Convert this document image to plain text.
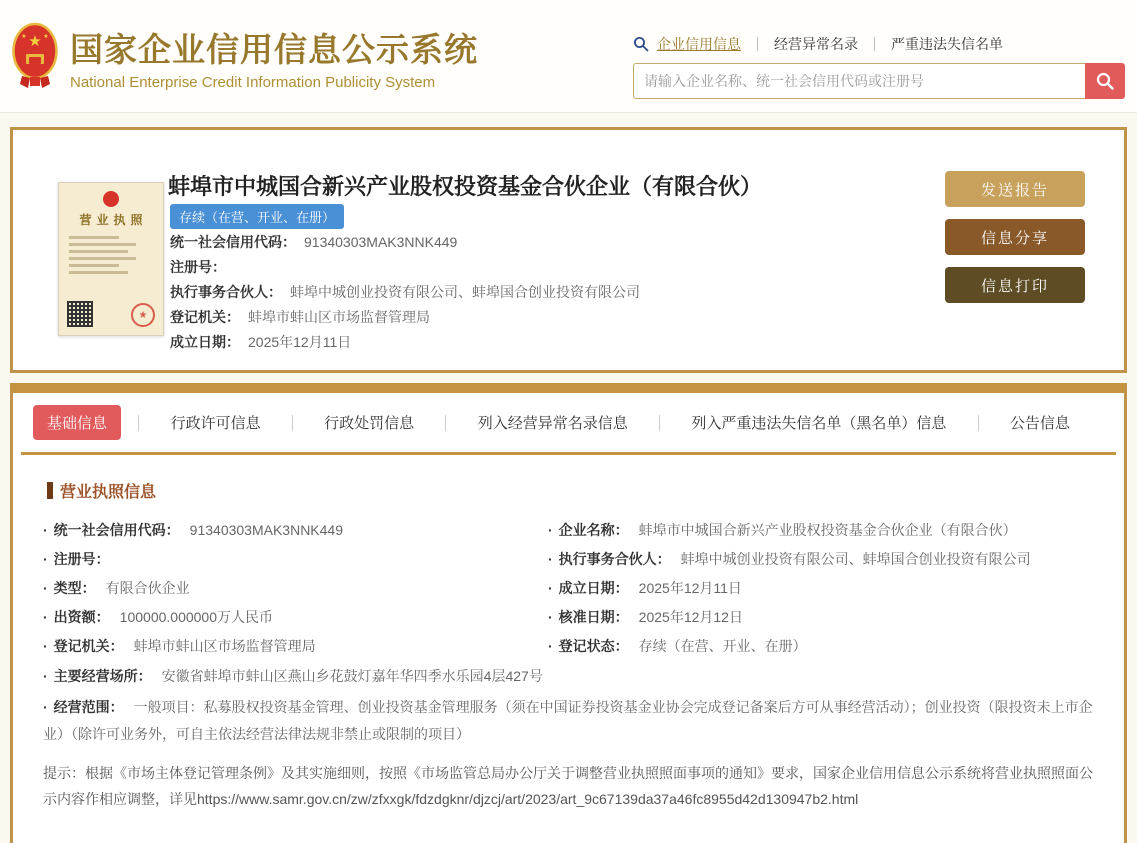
★
★	★ 国家企业信用信息公示系统
National Enterprise Credit Information Publicity System
企业信用信息 经营异常名录 严重违法失信名单
请输入企业名称、统一社会信用代码或注册号
营业执照
★
蚌埠市中城国合新兴产业股权投资基金合伙企业（有限合伙）
存续（在营、开业、在册）
统一社会信用代码： 91340303MAK3NNK449
注册号：
执行事务合伙人： 蚌埠中城创业投资有限公司、蚌埠国合创业投资有限公司
登记机关： 蚌埠市蚌山区市场监督管理局
成立日期： 2025年12月11日
发送报告
信息分享
信息打印
基础信息	行政许可信息	行政处罚信息	列入经营异常名录信息	列入严重违法失信名单（黑名单）信息	公告信息
营业执照信息
· 统一社会信用代码： 91340303MAK3NNK449
· 注册号：
· 类型： 有限合伙企业
· 出资额： 100000.000000万人民币
· 登记机关： 蚌埠市蚌山区市场监督管理局
· 企业名称： 蚌埠市中城国合新兴产业股权投资基金合伙企业（有限合伙）
· 执行事务合伙人： 蚌埠中城创业投资有限公司、蚌埠国合创业投资有限公司
· 成立日期： 2025年12月11日
· 核准日期： 2025年12月12日
· 登记状态： 存续（在营、开业、在册）
· 主要经营场所： 安徽省蚌埠市蚌山区燕山乡花鼓灯嘉年华四季水乐园4层427号
· 经营范围： 一般项目：私募股权投资基金管理、创业投资基金管理服务（须在中国证券投资基金业协会完成登记备案后方可从事经营活动）；创业投资（限投资未上市企业）（除许可业务外，可自主依法经营法律法规非禁止或限制的项目）
提示：根据《市场主体登记管理条例》及其实施细则，按照《市场监管总局办公厅关于调整营业执照照面事项的通知》要求，国家企业信用信息公示系统将营业执照照面公示内容作相应调整，详见https://www.samr.gov.cn/zw/zfxxgk/fdzdgknr/djzcj/art/2023/art_9c67139da37a46fc8955d42d130947b2.html
